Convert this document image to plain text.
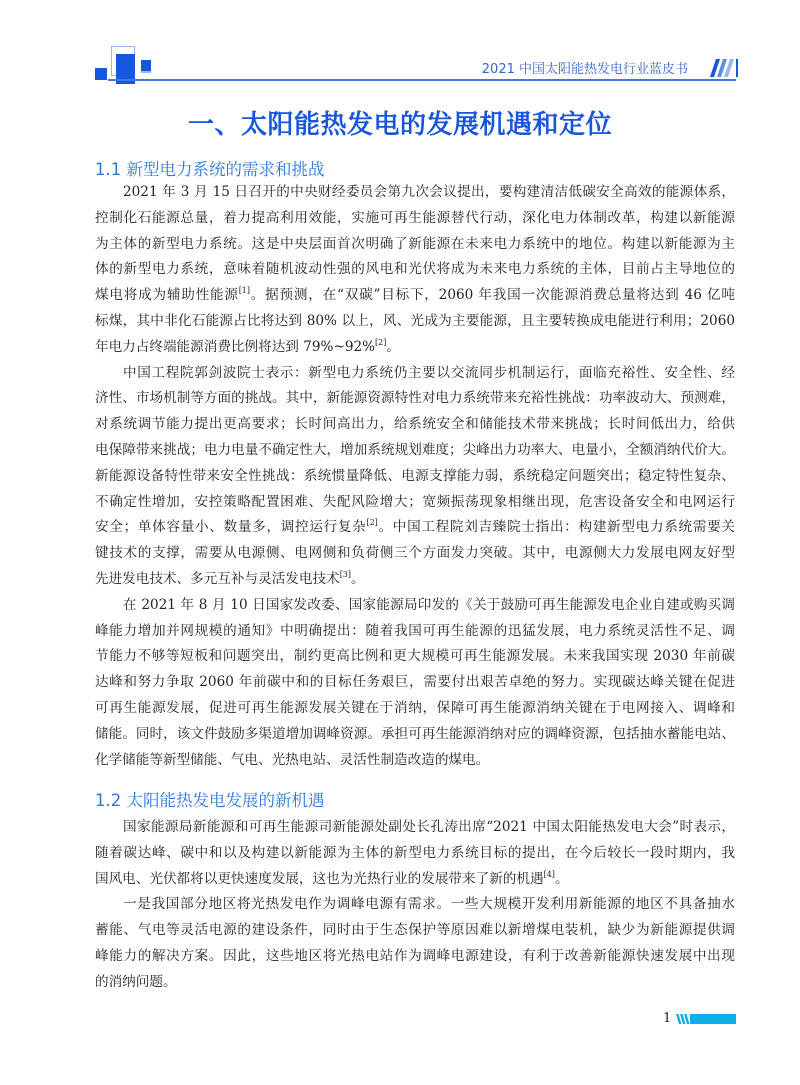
2021 中国太阳能热发电行业蓝皮书
一、太阳能热发电的发展机遇和定位
1.1 新型电力系统的需求和挑战
2021 年 3 月 15 日召开的中央财经委员会第九次会议提出，要构建清洁低碳安全高效的能源体系，
控制化石能源总量，着力提高利用效能，实施可再生能源替代行动，深化电力体制改革，构建以新能源
为主体的新型电力系统。这是中央层面首次明确了新能源在未来电力系统中的地位。构建以新能源为主
体的新型电力系统，意味着随机波动性强的风电和光伏将成为未来电力系统的主体，目前占主导地位的
煤电将成为辅助性能源[1]。据预测，在“双碳”目标下，2060 年我国一次能源消费总量将达到 46 亿吨
标煤，其中非化石能源占比将达到 80% 以上，风、光成为主要能源，且主要转换成电能进行利用；2060
年电力占终端能源消费比例将达到 79%~92%[2]。
中国工程院郭剑波院士表示：新型电力系统仍主要以交流同步机制运行，面临充裕性、安全性、经
济性、市场机制等方面的挑战。其中，新能源资源特性对电力系统带来充裕性挑战：功率波动大、预测难，
对系统调节能力提出更高要求；长时间高出力，给系统安全和储能技术带来挑战；长时间低出力，给供
电保障带来挑战；电力电量不确定性大，增加系统规划难度；尖峰出力功率大、电量小，全额消纳代价大。
新能源设备特性带来安全性挑战：系统惯量降低、电源支撑能力弱，系统稳定问题突出；稳定特性复杂、
不确定性增加，安控策略配置困难、失配风险增大；宽频振荡现象相继出现，危害设备安全和电网运行
安全；单体容量小、数量多，调控运行复杂[2]。中国工程院刘吉臻院士指出：构建新型电力系统需要关
键技术的支撑，需要从电源侧、电网侧和负荷侧三个方面发力突破。其中，电源侧大力发展电网友好型
先进发电技术、多元互补与灵活发电技术[3]。
在 2021 年 8 月 10 日国家发改委、国家能源局印发的《关于鼓励可再生能源发电企业自建或购买调
峰能力增加并网规模的通知》中明确提出：随着我国可再生能源的迅猛发展，电力系统灵活性不足、调
节能力不够等短板和问题突出，制约更高比例和更大规模可再生能源发展。未来我国实现 2030 年前碳
达峰和努力争取 2060 年前碳中和的目标任务艰巨，需要付出艰苦卓绝的努力。实现碳达峰关键在促进
可再生能源发展，促进可再生能源发展关键在于消纳，保障可再生能源消纳关键在于电网接入、调峰和
储能。同时，该文件鼓励多渠道增加调峰资源。承担可再生能源消纳对应的调峰资源，包括抽水蓄能电站、
化学储能等新型储能、气电、光热电站、灵活性制造改造的煤电。
1.2 太阳能热发电发展的新机遇
国家能源局新能源和可再生能源司新能源处副处长孔涛出席“2021 中国太阳能热发电大会”时表示，
随着碳达峰、碳中和以及构建以新能源为主体的新型电力系统目标的提出，在今后较长一段时期内，我
国风电、光伏都将以更快速度发展，这也为光热行业的发展带来了新的机遇[4]。
一是我国部分地区将光热发电作为调峰电源有需求。一些大规模开发利用新能源的地区不具备抽水
蓄能、气电等灵活电源的建设条件，同时由于生态保护等原因难以新增煤电装机，缺少为新能源提供调
峰能力的解决方案。因此，这些地区将光热电站作为调峰电源建设，有利于改善新能源快速发展中出现
的消纳问题。
1
